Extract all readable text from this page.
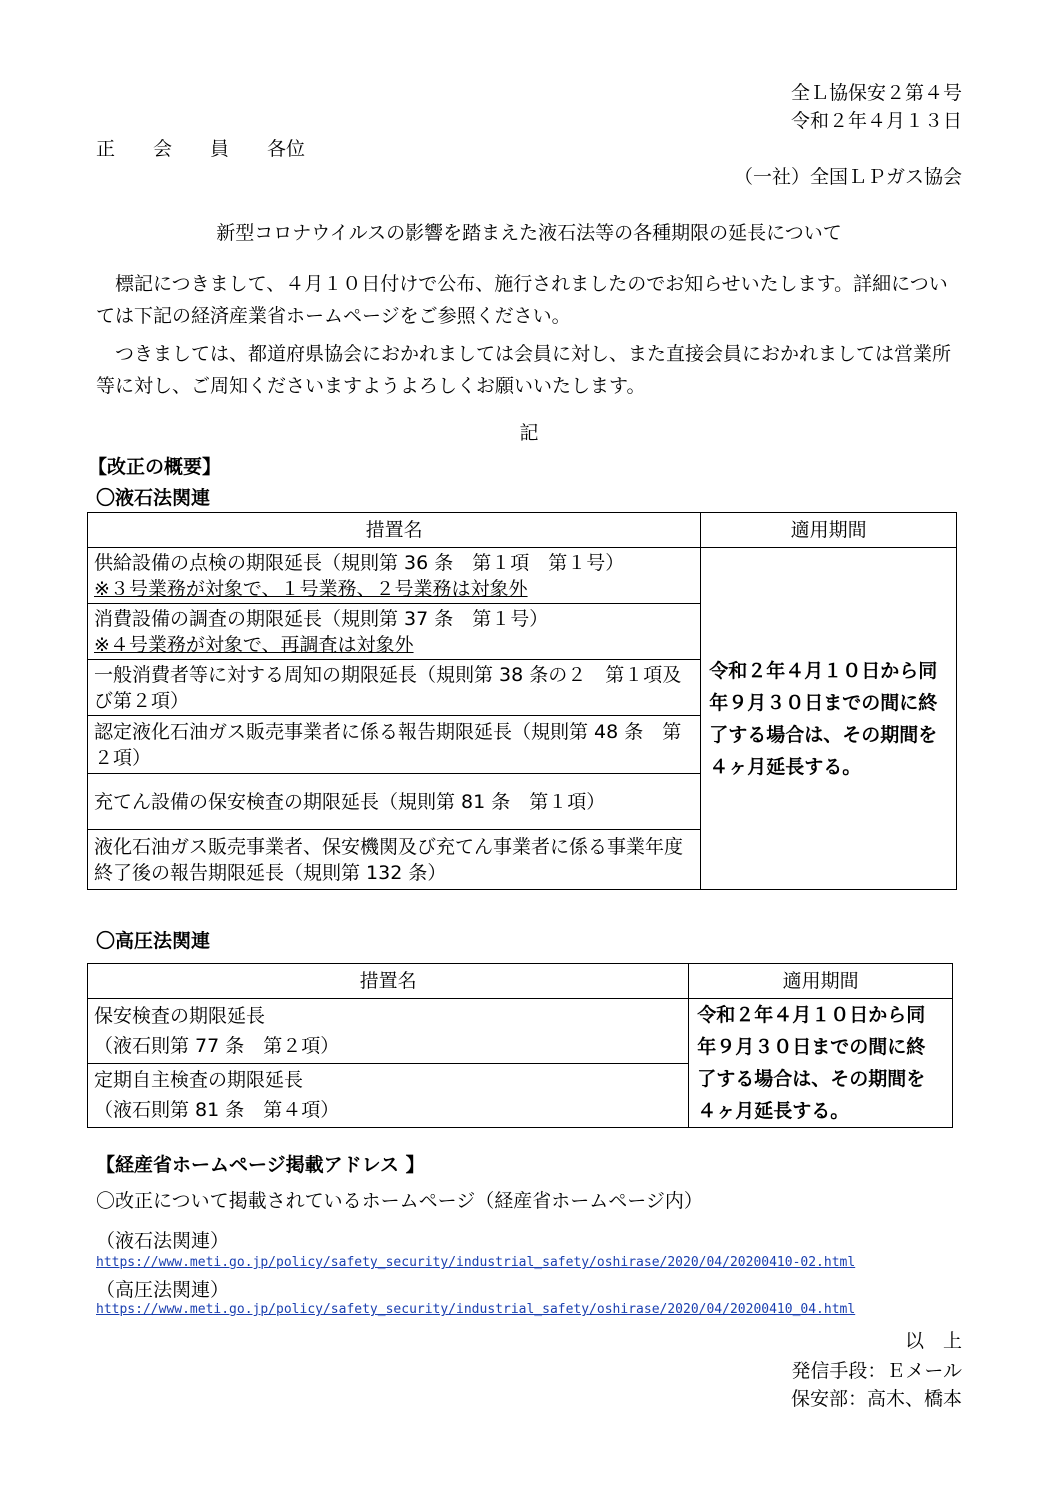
全Ｌ協保安２第４号
令和２年４月１３日
正　　会　　員　　各位
（一社）全国ＬＰガス協会
新型コロナウイルスの影響を踏まえた液石法等の各種期限の延長について

標記につきまして、４月１０日付けで公布、施行されましたのでお知らせいたします。詳細については下記の経済産業省ホームページをご参照ください。

つきましては、都道府県協会におかれましては会員に対し、また直接会員におかれましては営業所等に対し、ご周知くださいますようよろしくお願いいたします。

記
【改正の概要】
〇液石法関連
措置名	適用期間

供給設備の点検の期限延長（規則第 36 条　第１項　第１号）
※３号業務が対象で、１号業務、２号業務は対象外	令和２年４月１０日から同年９月３０日までの間に終了する場合は、その期間を４ヶ月延長する。

消費設備の調査の期限延長（規則第 37 条　第１号）
※４号業務が対象で、再調査は対象外	

一般消費者等に対する周知の期限延長（規則第 38 条の２　第１項及び第２項）	
認定液化石油ガス販売事業者に係る報告期限延長（規則第 48 条　第２項）	
充てん設備の保安検査の期限延長（規則第 81 条　第１項）	
液化石油ガス販売事業者、保安機関及び充てん事業者に係る事業年度終了後の報告期限延長（規則第 132 条）	
〇高圧法関連
措置名	適用期間

保安検査の期限延長
（液石則第 77 条　第２項）	令和２年４月１０日から同年９月３０日までの間に終了する場合は、その期間を４ヶ月延長する。

定期自主検査の期限延長
（液石則第 81 条　第４項）	
【経産省ホームページ掲載アドレス 】
〇改正について掲載されているホームページ（経産省ホームページ内）
（液石法関連）
https://www.meti.go.jp/policy/safety_security/industrial_safety/oshirase/2020/04/20200410-02.html
（高圧法関連）
https://www.meti.go.jp/policy/safety_security/industrial_safety/oshirase/2020/04/20200410_04.html
以　上
発信手段：Ｅメール
保安部：高木、橋本
